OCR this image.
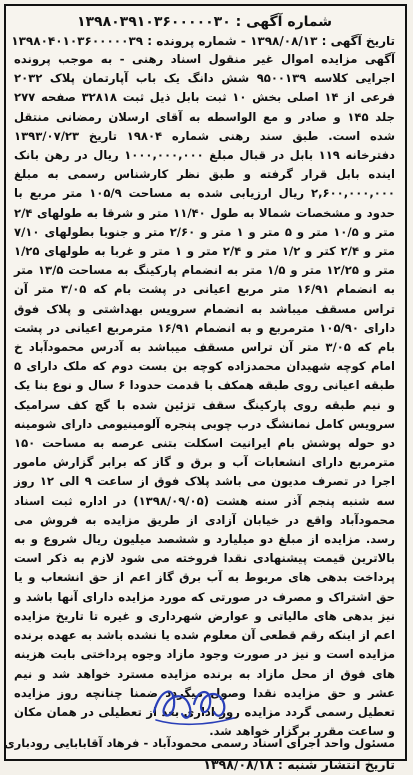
شماره آگهی : ۱۳۹۸۰۳۹۱۰۳۶۰۰۰۰۰۳۰

تاریخ آگهی : ۱۳۹۸/۰۸/۱۳ - شماره پرونده : ۱۳۹۸۰۴۰۱۰۳۶۰۰۰۰۰۳۹

آگهی مزایده اموال غیر منقول اسناد رهنی - به موجب پرونده اجرایی کلاسه ۹۵۰۰۱۳۹ شش دانگ یک باب آپارتمان پلاک ۲۰۳۲ فرعی از ۱۴ اصلی بخش ۱۰ ثبت بابل ذیل ثبت ۳۲۸۱۸ صفحه ۲۷۷ جلد ۱۴۵ و صادر و مع الواسطه به آقای ارسلان رمضانی منتقل شده است. طبق سند رهنی شماره ۱۹۸۰۴ تاریخ ۱۳۹۳/۰۷/۲۳ دفترخانه ۱۱۹ بابل در قبال مبلغ ۱۰۰۰,۰۰۰,۰۰۰ ریال در رهن بانک اینده بابل قرار گرفته و طبق نظر کارشناس رسمی به مبلغ ۲,۶۰۰,۰۰۰,۰۰۰ ریال ارزیابی شده به مساحت ۱۰۵/۹ متر مربع با حدود و مشخصات شمالا به طول ۱۱/۴۰ متر و شرقا به طولهای ۲/۴ متر و ۱۰/۵ متر و ۵ متر و ۱ متر و ۲/۶۰ متر و جنوبا بطولهای ۷/۱۰ متر و ۲/۴ کتر و ۱/۲ متر و ۲/۴ متر و ۱ متر و غربا به طولهای ۱/۲۵ متر و ۱۲/۲۵ متر و ۱/۵ متر به انضمام پارکینگ به مساحت ۱۳/۵ متر به انضمام ۱۶/۹۱ متر مربع اعیانی در پشت بام که ۳/۰۵ متر آن تراس مسقف میباشد به انضمام سرویس بهداشتی و پلاک فوق دارای ۱۰۵/۹۰ مترمربع و به انضمام ۱۶/۹۱ مترمربع اعیانی در پشت بام که ۳/۰۵ متر آن تراس مسقف میباشد به آدرس محمودآباد خ امام کوچه شهیدان محمدزاده کوچه بن بست دوم که ملک دارای ۵ طبقه اعیانی روی طبقه همکف با قدمت حدودا ۶ سال و نوع بنا یک و نیم طبقه روی پارکینگ سقف تزئین شده با گچ کف سرامیک سرویس کامل نمانشگ درب چوبی پنجره آلومینیومی دارای شومینه دو حوله پوشش بام ایرانیت اسکلت بتنی عرصه به مساحت ۱۵۰ مترمربع دارای انشعابات آب و برق و گاز که برابر گزارش مامور اجرا در تصرف مدیون می باشد پلاک فوق از ساعت ۹ الی ۱۲ روز سه شنبه پنجم آذر سنه هشت (۱۳۹۸/۰۹/۰۵) در اداره ثبت اسناد محمودآباد واقع در خیابان آزادی از طریق مزایده به فروش می رسد. مزایده از مبلغ دو میلیارد و ششصد میلیون ریال شروع و به بالاترین قیمت پیشنهادی نقدا فروخته می شود لازم به ذکر است پرداخت بدهی های مربوط به آب برق گاز اعم از حق انشعاب و یا حق اشتراک و مصرف در صورتی که مورد مزایده دارای آنها باشد و نیز بدهی های مالیاتی و عوارض شهرداری و غیره تا تاریخ مزایده اعم از اینکه رقم قطعی آن معلوم شده یا نشده باشد به عهده برنده مزایده است و نیز در صورت وجود مازاد وجوه پرداختی بابت هزینه های فوق از محل مازاد به برنده مزایده مسترد خواهد شد و نیم عشر و حق مزایده نقدا وصول میگردد ضمنا چنانچه روز مزایده تعطیل رسمی گردد مزایده روز اداری بعد از تعطیلی در همان مکان و ساعت مقرر برگزار خواهد شد.

تاریخ انتشار شنبه : ۱۳۹۸/۰۸/۱۸

مسئول واحد اجرای اسناد رسمی محمودآباد - فرهاد آقابابایی رودباری
